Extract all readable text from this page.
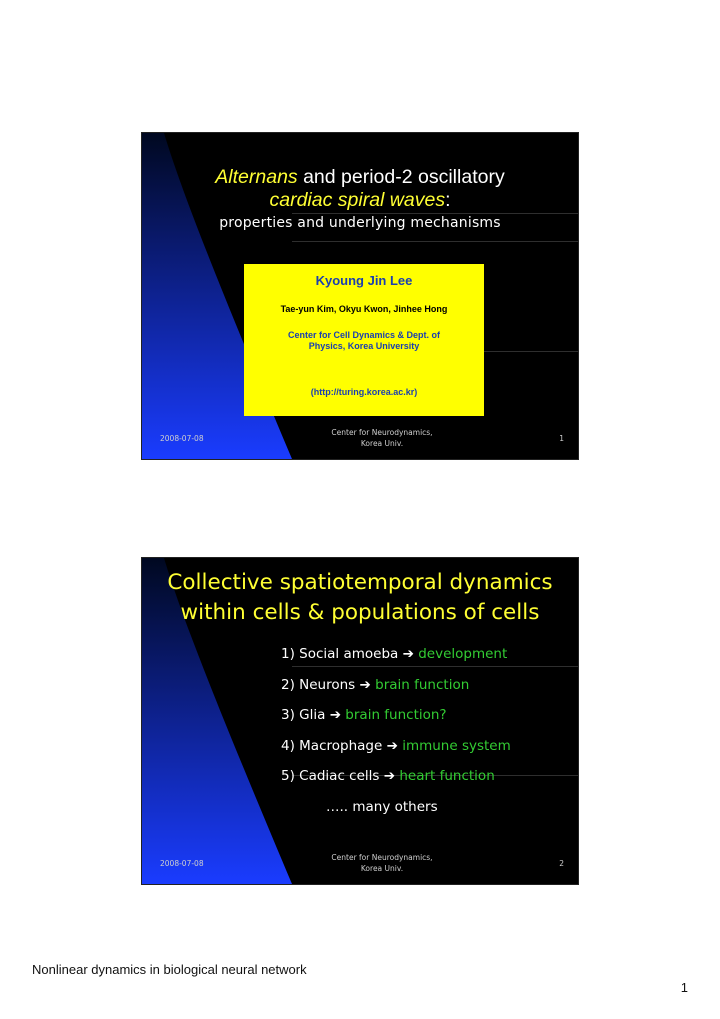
Alternans and period-2 oscillatory
cardiac spiral waves:
properties and underlying mechanisms
Kyoung Jin Lee
Tae-yun Kim, Okyu Kwon, Jinhee Hong
Center for Cell Dynamics & Dept. of
Physics, Korea University
(http://turing.korea.ac.kr)
2008-07-08
Center for Neurodynamics,
Korea Univ.
1
Collective spatiotemporal dynamics
within cells & populations of cells
1) Social amoeba ➔ development
2) Neurons ➔ brain function
3) Glia ➔ brain function?
4) Macrophage ➔ immune system
5) Cadiac cells ➔ heart function
….. many others
2008-07-08
Center for Neurodynamics,
Korea Univ.
2
Nonlinear dynamics in biological neural network
1
